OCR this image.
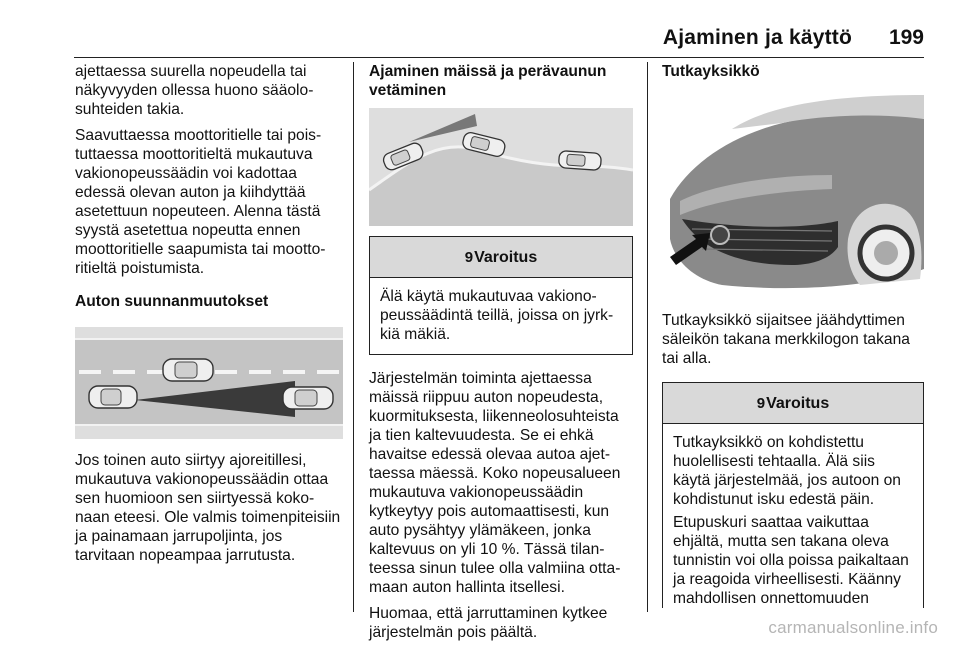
Ajaminen ja käyttö 199

ajettaessa suurella nopeudella tai näkyvyyden ollessa huono sääolosuhteiden takia.

Saavuttaessa moottoritielle tai poistuttaessa moottoritieltä mukautuva vakionopeussäädin voi kadottaa edessä olevan auton ja kiihdyttää asetettuun nopeuteen. Alenna tästä syystä asetettua nopeutta ennen moottoritielle saapumista tai moottoritieltä poistumista.

Auton suunnanmuutokset

Jos toinen auto siirtyy ajoreitillesi, mukautuva vakionopeussäädin ottaa sen huomioon sen siirtyessä kokonaan eteesi. Ole valmis toimenpiteisiin ja painamaan jarrupoljinta, jos tarvitaan nopeampaa jarrutusta.

Ajaminen mäissä ja perävaunun vetäminen

9 Varoitus

Älä käytä mukautuvaa vakionopeussäädintä teillä, joissa on jyrkkiä mäkiä.

Järjestelmän toiminta ajettaessa mäissä riippuu auton nopeudesta, kuormituksesta, liikenneolosuhteista ja tien kaltevuudesta. Se ei ehkä havaitse edessä olevaa autoa ajettaessa mäessä. Koko nopeusalueen mukautuva vakionopeussäädin kytkeytyy pois automaattisesti, kun auto pysähtyy ylämäkeen, jonka kaltevuus on yli 10 %. Tässä tilanteessa sinun tulee olla valmiina ottamaan auton hallinta itsellesi.

Huomaa, että jarruttaminen kytkee järjestelmän pois päältä.

Tutkayksikkö

Tutkayksikkö sijaitsee jäähdyttimen säleikön takana merkkilogon takana tai alla.

9 Varoitus

Tutkayksikkö on kohdistettu huolellisesti tehtaalla. Älä siis käytä järjestelmää, jos autoon on kohdistunut isku edestä päin.

Etupuskuri saattaa vaikuttaa ehjältä, mutta sen takana oleva tunnistin voi olla poissa paikaltaan ja reagoida virheellisesti. Käänny mahdollisen onnettomuuden

carmanualsonline.info
